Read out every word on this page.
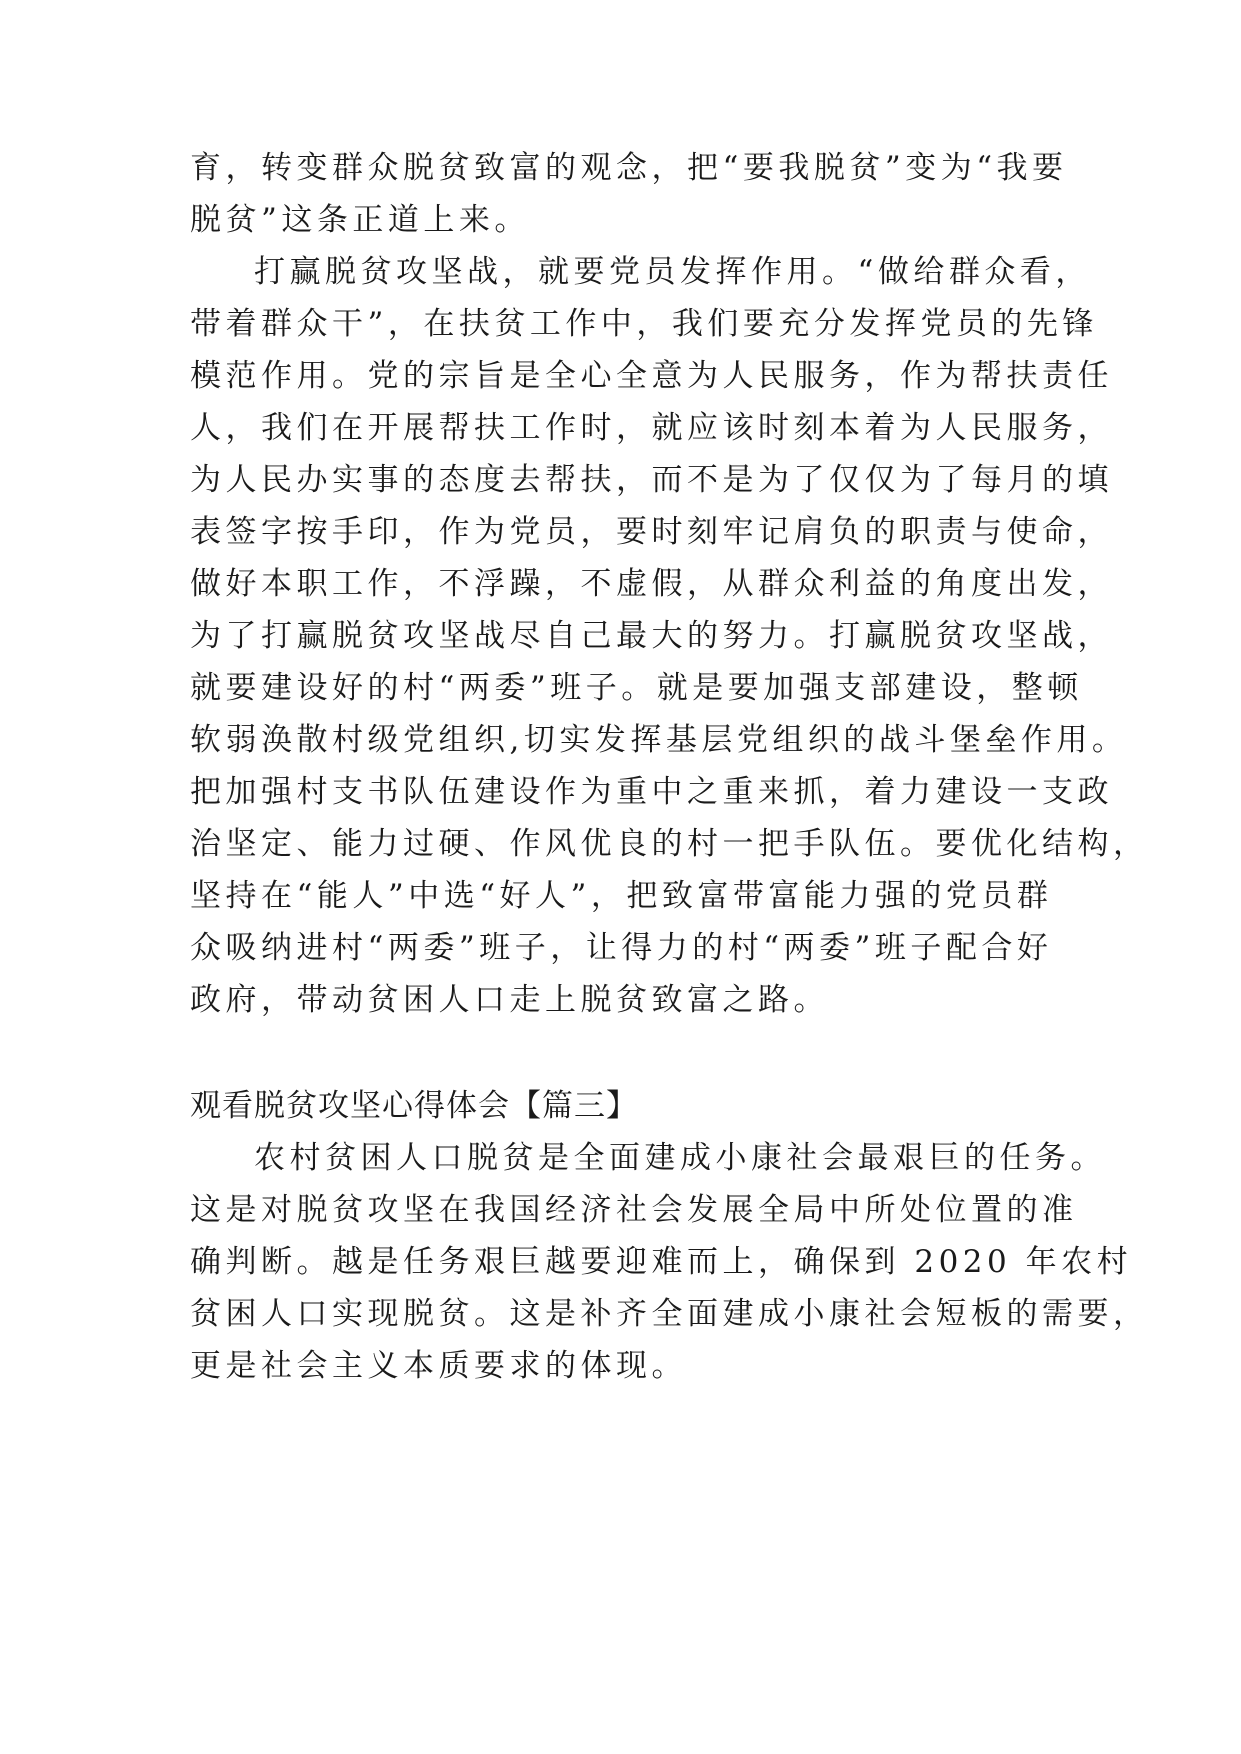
育，转变群众脱贫致富的观念，把“要我脱贫”变为“我要
脱贫”这条正道上来。
打赢脱贫攻坚战，就要党员发挥作用。“做给群众看，
带着群众干”，在扶贫工作中，我们要充分发挥党员的先锋
模范作用。党的宗旨是全心全意为人民服务，作为帮扶责任
人，我们在开展帮扶工作时，就应该时刻本着为人民服务，
为人民办实事的态度去帮扶，而不是为了仅仅为了每月的填
表签字按手印，作为党员，要时刻牢记肩负的职责与使命，
做好本职工作，不浮躁，不虚假，从群众利益的角度出发，
为了打赢脱贫攻坚战尽自己最大的努力。打赢脱贫攻坚战，
就要建设好的村“两委”班子。就是要加强支部建设，整顿
软弱涣散村级党组织,切实发挥基层党组织的战斗堡垒作用。
把加强村支书队伍建设作为重中之重来抓，着力建设一支政
治坚定、能力过硬、作风优良的村一把手队伍。要优化结构，
坚持在“能人”中选“好人”，把致富带富能力强的党员群
众吸纳进村“两委”班子，让得力的村“两委”班子配合好
政府，带动贫困人口走上脱贫致富之路。
观看脱贫攻坚心得体会【篇三】
农村贫困人口脱贫是全面建成小康社会最艰巨的任务。
这是对脱贫攻坚在我国经济社会发展全局中所处位置的准
确判断。越是任务艰巨越要迎难而上，确保到 2020 年农村
贫困人口实现脱贫。这是补齐全面建成小康社会短板的需要，
更是社会主义本质要求的体现。
